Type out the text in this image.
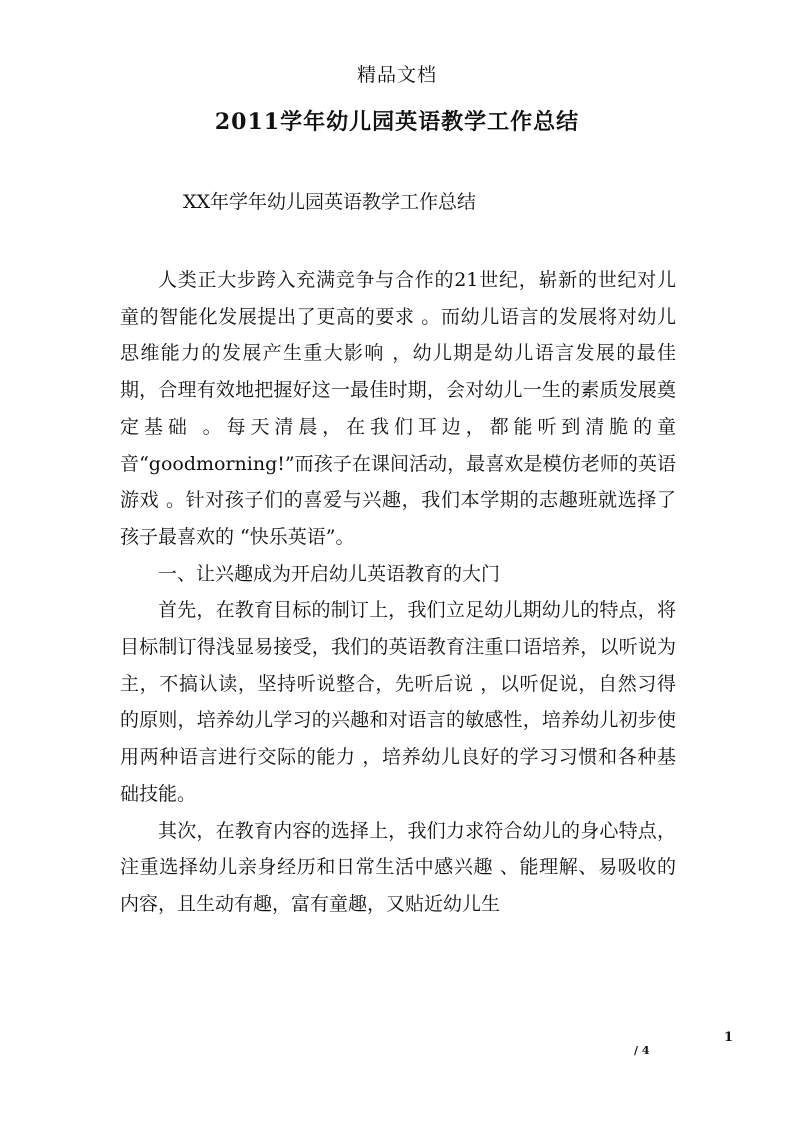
精品文档
2011学年幼儿园英语教学工作总结
XX年学年幼儿园英语教学工作总结

人类正大步跨入充满竞争与合作的21世纪，崭新的世纪对儿童的智能化发展提出了更高的要求 。而幼儿语言的发展将对幼儿思维能力的发展产生重大影响 ，幼儿期是幼儿语言发展的最佳期，合理有效地把握好这一最佳时期，会对幼儿一生的素质发展奠定基础 。每天清晨，在我们耳边，都能听到清脆的童音“goodmorning!”而孩子在课间活动，最喜欢是模仿老师的英语游戏 。针对孩子们的喜爱与兴趣，我们本学期的志趣班就选择了孩子最喜欢的 “快乐英语”。

一、让兴趣成为开启幼儿英语教育的大门

首先，在教育目标的制订上，我们立足幼儿期幼儿的特点，将目标制订得浅显易接受，我们的英语教育注重口语培养，以听说为主，不搞认读，坚持听说整合，先听后说 ，以听促说，自然习得的原则，培养幼儿学习的兴趣和对语言的敏感性，培养幼儿初步使用两种语言进行交际的能力 ，培养幼儿良好的学习习惯和各种基础技能。

其次，在教育内容的选择上，我们力求符合幼儿的身心特点，注重选择幼儿亲身经历和日常生活中感兴趣 、能理解、易吸收的内容，且生动有趣，富有童趣，又贴近幼儿生

1
/ 4
